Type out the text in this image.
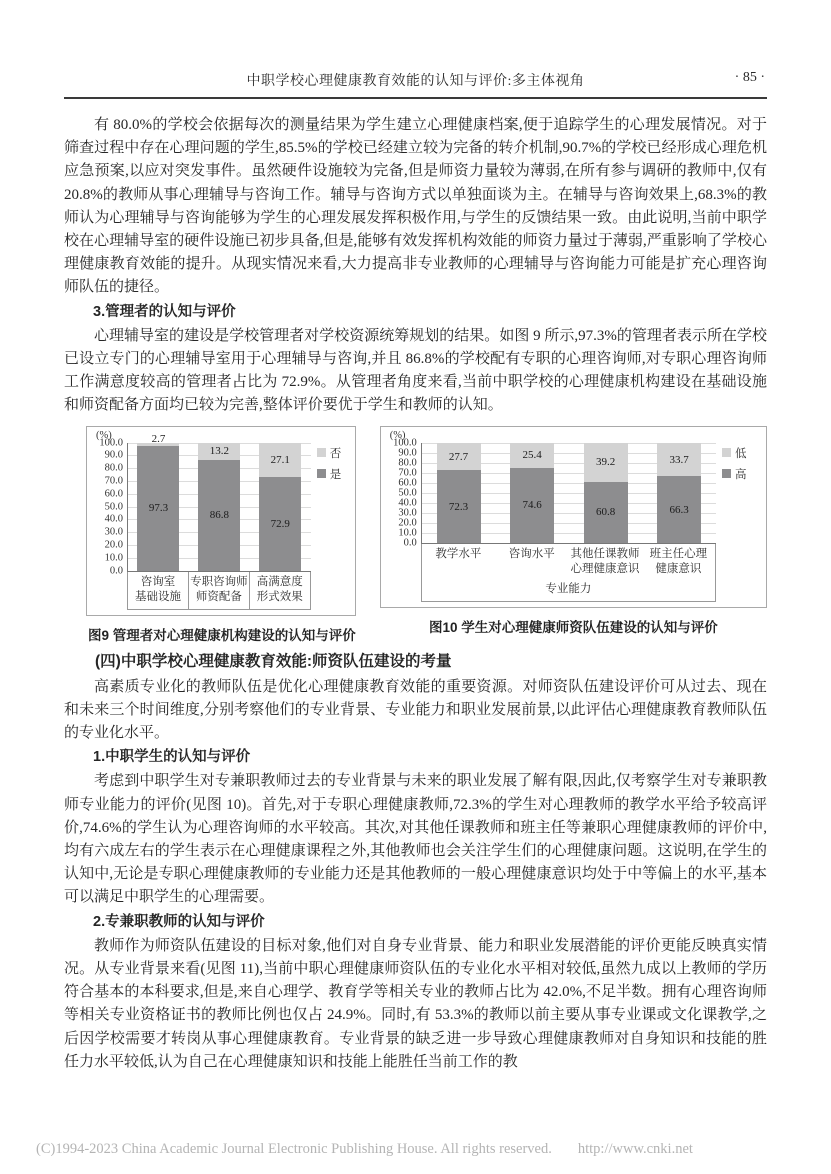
中职学校心理健康教育效能的认知与评价:多主体视角	· 85 ·

有 80.0%的学校会依据每次的测量结果为学生建立心理健康档案,便于追踪学生的心理发展情况。对于筛查过程中存在心理问题的学生,85.5%的学校已经建立较为完备的转介机制,90.7%的学校已经形成心理危机应急预案,以应对突发事件。虽然硬件设施较为完备,但是师资力量较为薄弱,在所有参与调研的教师中,仅有 20.8%的教师从事心理辅导与咨询工作。辅导与咨询方式以单独面谈为主。在辅导与咨询效果上,68.3%的教师认为心理辅导与咨询能够为学生的心理发展发挥积极作用,与学生的反馈结果一致。由此说明,当前中职学校在心理辅导室的硬件设施已初步具备,但是,能够有效发挥机构效能的师资力量过于薄弱,严重影响了学校心理健康教育效能的提升。从现实情况来看,大力提高非专业教师的心理辅导与咨询能力可能是扩充心理咨询师队伍的捷径。

3.管理者的认知与评价

心理辅导室的建设是学校管理者对学校资源统筹规划的结果。如图 9 所示,97.3%的管理者表示所在学校已设立专门的心理辅导室用于心理辅导与咨询,并且 86.8%的学校配有专职的心理咨询师,对专职心理咨询师工作满意度较高的管理者占比为 72.9%。从管理者角度来看,当前中职学校的心理健康机构建设在基础设施和师资配备方面均已较为完善,整体评价要优于学生和教师的认知。

(%)
100.0
90.0
80.0
70.0
60.0
50.0
40.0
30.0
20.0
10.0
0.0
97.3
2.7
86.8
13.2
72.9
27.1
咨询室
基础设施
专职咨询师
师资配备
高满意度
形式效果
否
是
图9 管理者对心理健康机构建设的认知与评价
(%)
100.0
90.0
80.0
70.0
60.0
50.0
40.0
30.0
20.0
10.0
0.0
72.3
27.7
74.6
25.4
60.8
39.2
66.3
33.7
教学水平	咨询水平	其他任课教师
心理健康意识
班主任心理
健康意识
专业能力
低
高
图10 学生对心理健康师资队伍建设的认知与评价
(四)中职学校心理健康教育效能:师资队伍建设的考量

高素质专业化的教师队伍是优化心理健康教育效能的重要资源。对师资队伍建设评价可从过去、现在和未来三个时间维度,分别考察他们的专业背景、专业能力和职业发展前景,以此评估心理健康教育教师队伍的专业化水平。

1.中职学生的认知与评价

考虑到中职学生对专兼职教师过去的专业背景与未来的职业发展了解有限,因此,仅考察学生对专兼职教师专业能力的评价(见图 10)。首先,对于专职心理健康教师,72.3%的学生对心理教师的教学水平给予较高评价,74.6%的学生认为心理咨询师的水平较高。其次,对其他任课教师和班主任等兼职心理健康教师的评价中,均有六成左右的学生表示在心理健康课程之外,其他教师也会关注学生们的心理健康问题。这说明,在学生的认知中,无论是专职心理健康教师的专业能力还是其他教师的一般心理健康意识均处于中等偏上的水平,基本可以满足中职学生的心理需要。

2.专兼职教师的认知与评价

教师作为师资队伍建设的目标对象,他们对自身专业背景、能力和职业发展潜能的评价更能反映真实情况。从专业背景来看(见图 11),当前中职心理健康师资队伍的专业化水平相对较低,虽然九成以上教师的学历符合基本的本科要求,但是,来自心理学、教育学等相关专业的教师占比为 42.0%,不足半数。拥有心理咨询师等相关专业资格证书的教师比例也仅占 24.9%。同时,有 53.3%的教师以前主要从事专业课或文化课教学,之后因学校需要才转岗从事心理健康教育。专业背景的缺乏进一步导致心理健康教师对自身知识和技能的胜任力水平较低,认为自己在心理健康知识和技能上能胜任当前工作的教

(C)1994-2023 China Academic Journal Electronic Publishing House. All rights reserved. http://www.cnki.net
